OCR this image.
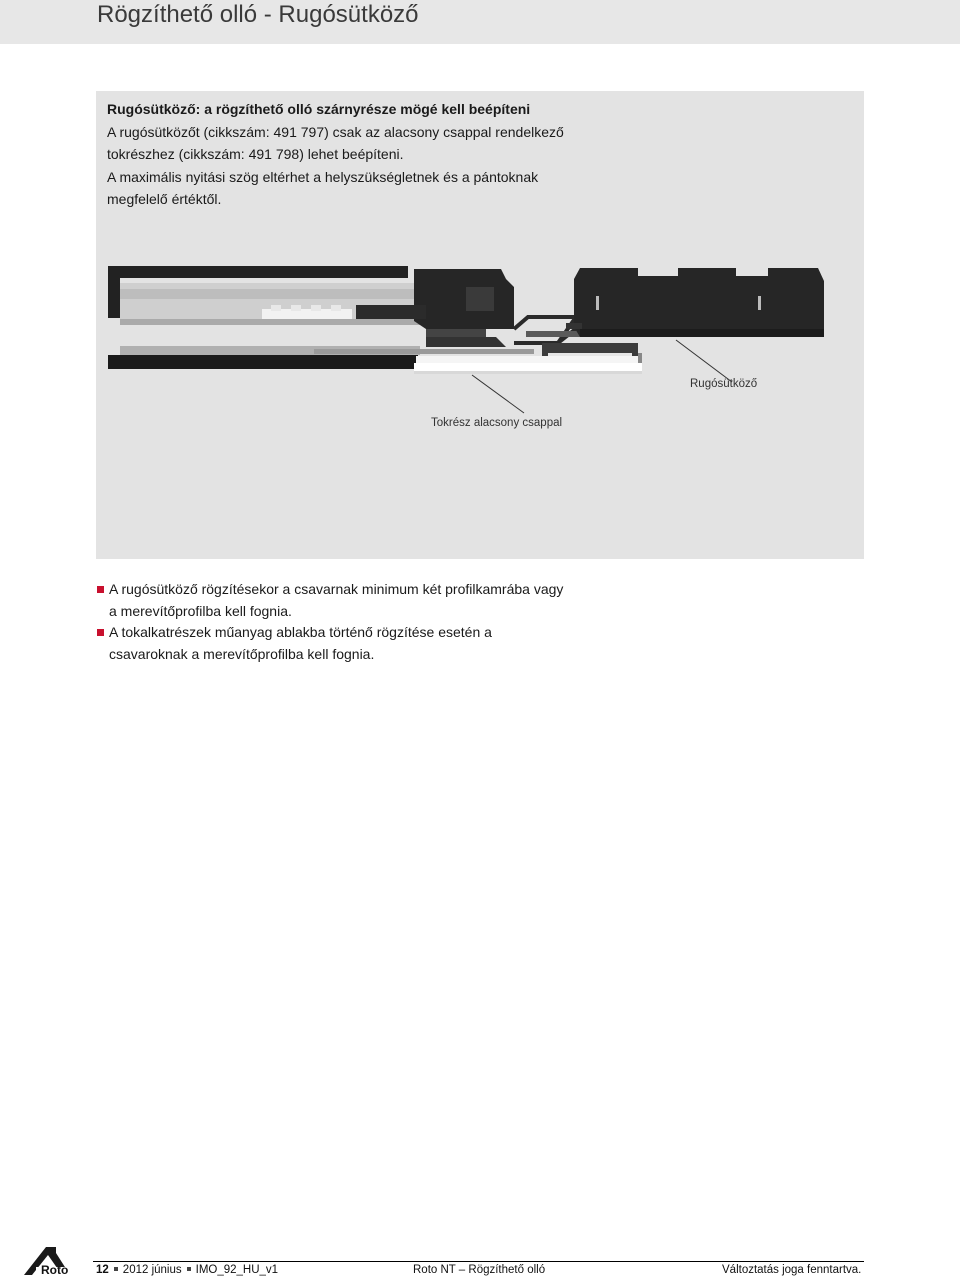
Rögzíthető olló - Rugósütköző

Rugósütköző: a rögzíthető olló szárnyrésze mögé kell beépíteni

A rugósütközőt (cikkszám: 491 797) csak az alacsony csappal rendelkező

tokrészhez (cikkszám: 491 798) lehet beépíteni.

A maximális nyitási szög eltérhet a helyszükségletnek és a pántoknak

megfelelő értéktől.

Rugósütköző
Tokrész alacsony csappal
A rugósütköző rögzítésekor a csavarnak minimum két profilkamrába vagy
a merevítőprofilba kell fognia.
A tokalkatrészek műanyag ablakba történő rögzítése esetén a
csavaroknak a merevítőprofilba kell fognia.
Roto 12 2012 június IMO_92_HU_v1	Roto NT – Rögzíthető olló	Változtatás joga fenntartva.
